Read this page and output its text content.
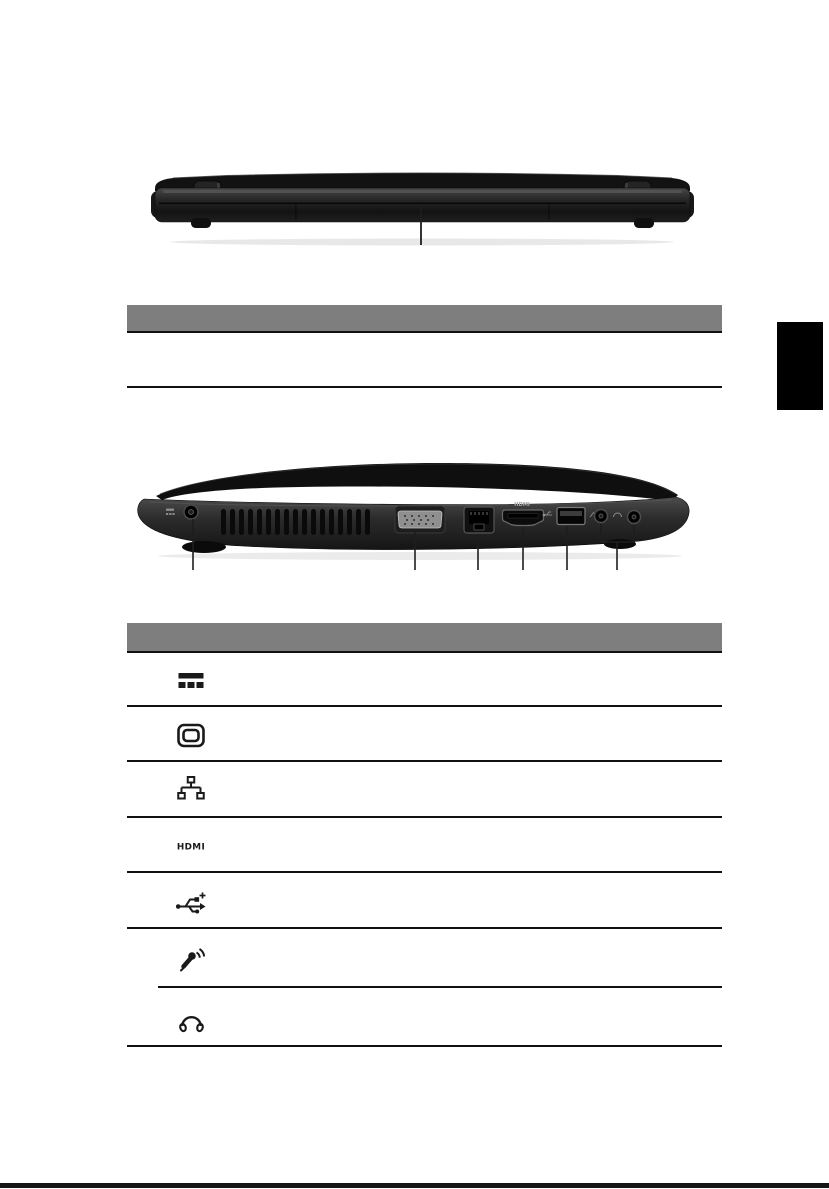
HDMI
HDMI
